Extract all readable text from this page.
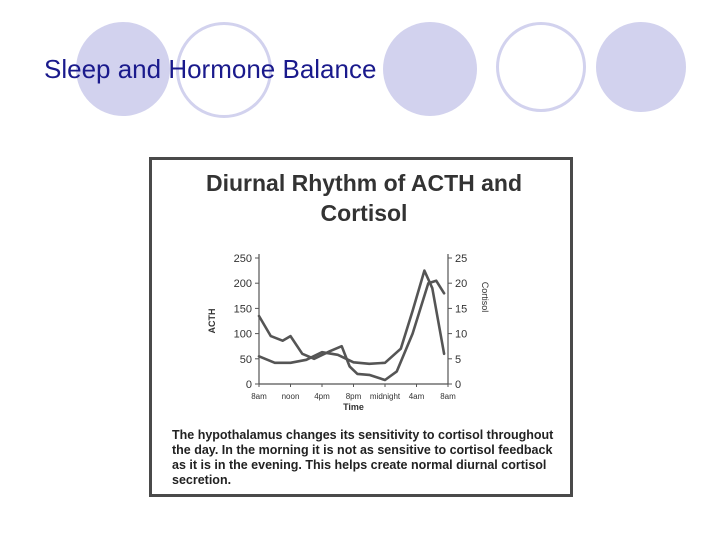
Sleep and Hormone Balance
Diurnal Rhythm of ACTH and
Cortisol
0
50
100
150
200
250
0
5
10
15
20
25
8am noon 4pm 8pm midnight 4am 8am
Time
ACTH
Cortisol

The hypothalamus changes its sensitivity to cortisol throughout the day. In the morning it is not as sensitive to cortisol feedback as it is in the evening. This helps create normal diurnal cortisol secretion.
